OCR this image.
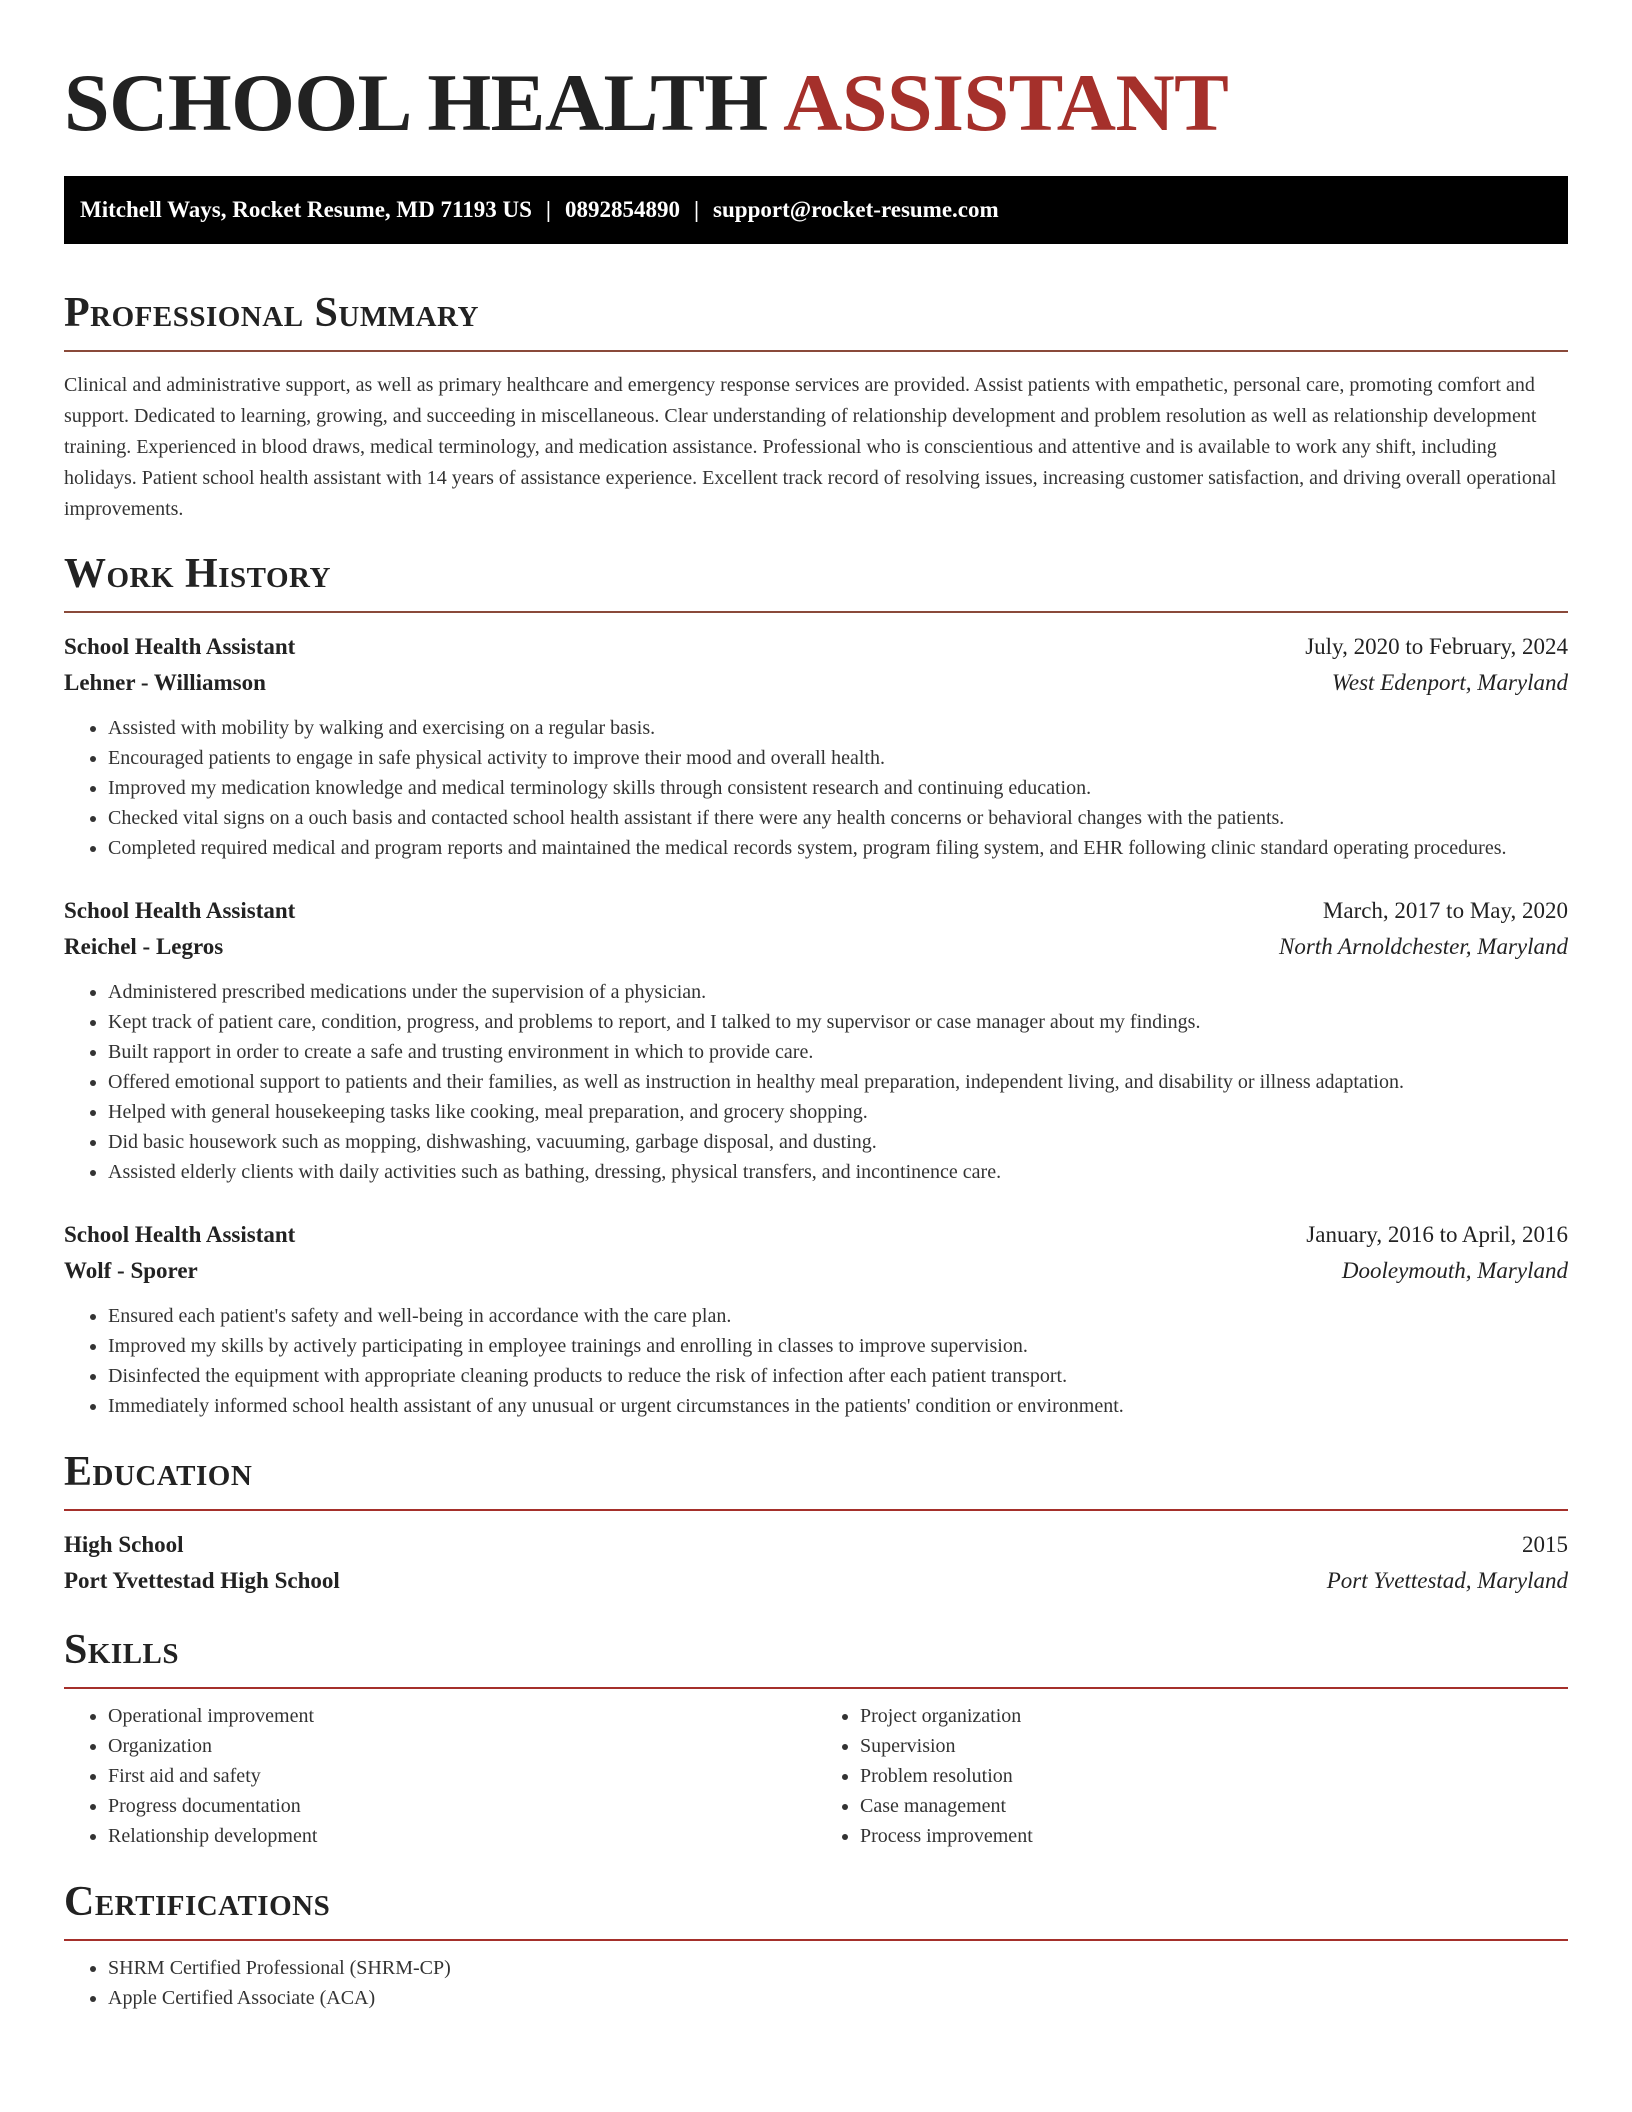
SCHOOL HEALTH ASSISTANT
Mitchell Ways, Rocket Resume, MD 71193 US | 0892854890 | support@rocket-resume.com
Professional Summary

Clinical and administrative support, as well as primary healthcare and emergency response services are provided. Assist patients with empathetic, personal care, promoting comfort and support. Dedicated to learning, growing, and succeeding in miscellaneous. Clear understanding of relationship development and problem resolution as well as relationship development training. Experienced in blood draws, medical terminology, and medication assistance. Professional who is conscientious and attentive and is available to work any shift, including holidays. Patient school health assistant with 14 years of assistance experience. Excellent track record of resolving issues, increasing customer satisfaction, and driving overall operational improvements.

Work History
School Health Assistant	July, 2020 to February, 2024
Lehner - Williamson	West Edenport, Maryland
• Assisted with mobility by walking and exercising on a regular basis.
• Encouraged patients to engage in safe physical activity to improve their mood and overall health.
• Improved my medication knowledge and medical terminology skills through consistent research and continuing education.
• Checked vital signs on a ouch basis and contacted school health assistant if there were any health concerns or behavioral changes with the patients.
• Completed required medical and program reports and maintained the medical records system, program filing system, and EHR following clinic standard operating procedures.
School Health Assistant	March, 2017 to May, 2020
Reichel - Legros	North Arnoldchester, Maryland
• Administered prescribed medications under the supervision of a physician.
• Kept track of patient care, condition, progress, and problems to report, and I talked to my supervisor or case manager about my findings.
• Built rapport in order to create a safe and trusting environment in which to provide care.
• Offered emotional support to patients and their families, as well as instruction in healthy meal preparation, independent living, and disability or illness adaptation.
• Helped with general housekeeping tasks like cooking, meal preparation, and grocery shopping.
• Did basic housework such as mopping, dishwashing, vacuuming, garbage disposal, and dusting.
• Assisted elderly clients with daily activities such as bathing, dressing, physical transfers, and incontinence care.
School Health Assistant	January, 2016 to April, 2016
Wolf - Sporer	Dooleymouth, Maryland
• Ensured each patient's safety and well-being in accordance with the care plan.
• Improved my skills by actively participating in employee trainings and enrolling in classes to improve supervision.
• Disinfected the equipment with appropriate cleaning products to reduce the risk of infection after each patient transport.
• Immediately informed school health assistant of any unusual or urgent circumstances in the patients' condition or environment.
Education
High School	2015
Port Yvettestad High School	Port Yvettestad, Maryland
Skills
• Operational improvement
• Organization
• First aid and safety
• Progress documentation
• Relationship development
• Project organization
• Supervision
• Problem resolution
• Case management
• Process improvement
Certifications
• SHRM Certified Professional (SHRM-CP)
• Apple Certified Associate (ACA)
